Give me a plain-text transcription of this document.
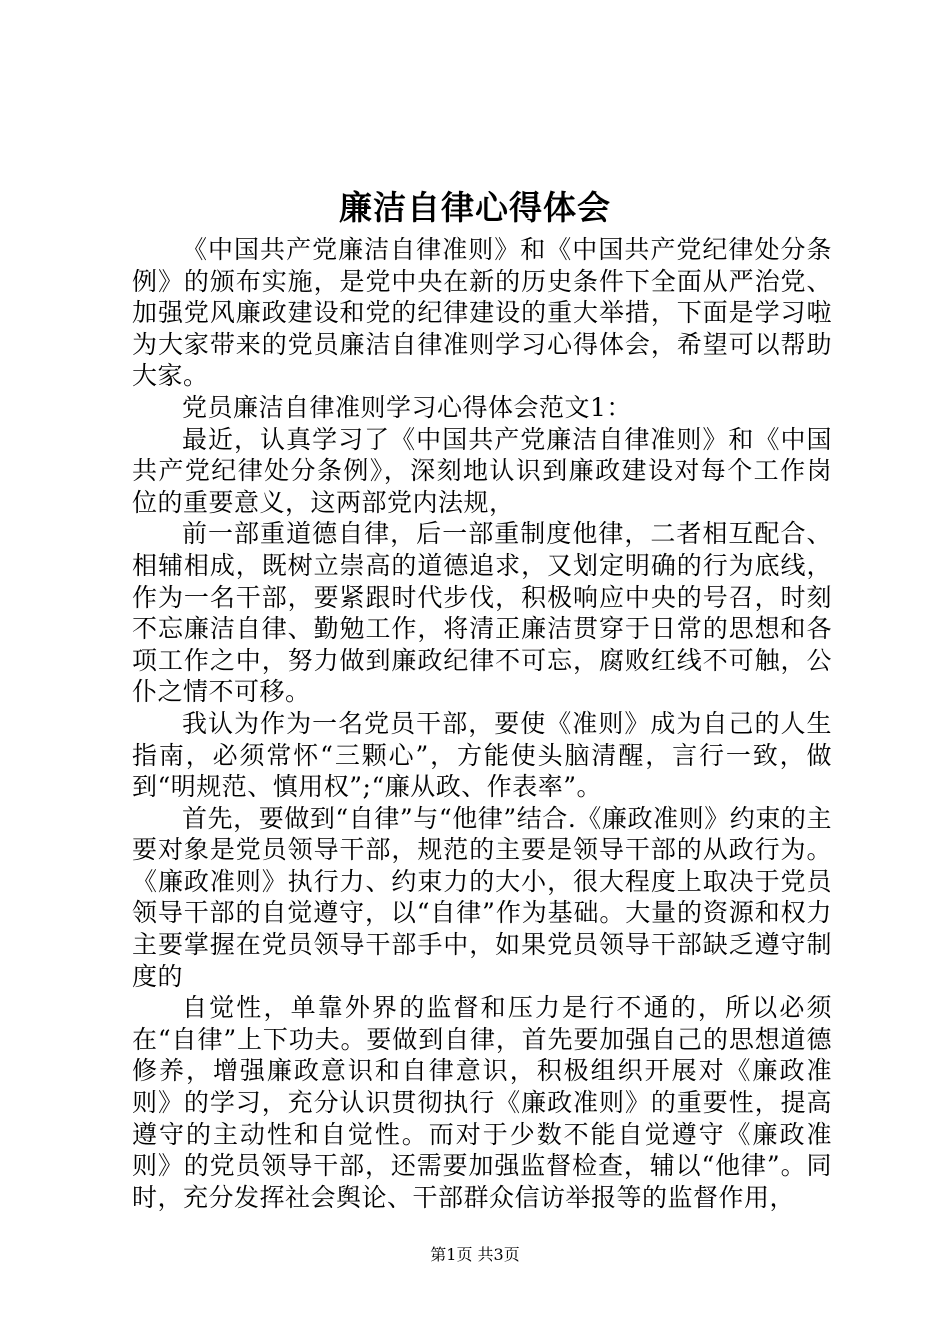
廉洁自律心得体会

《中国共产党廉洁自律准则》和《中国共产党纪律处分条例》的颁布实施，是党中央在新的历史条件下全面从严治党、加强党风廉政建设和党的纪律建设的重大举措，下面是学习啦为大家带来的党员廉洁自律准则学习心得体会，希望可以帮助大家。

党员廉洁自律准则学习心得体会范文1：

最近，认真学习了《中国共产党廉洁自律准则》和《中国共产党纪律处分条例》，深刻地认识到廉政建设对每个工作岗位的重要意义，这两部党内法规，

前一部重道德自律，后一部重制度他律，二者相互配合、相辅相成，既树立崇高的道德追求，又划定明确的行为底线，作为一名干部，要紧跟时代步伐，积极响应中央的号召，时刻不忘廉洁自律、勤勉工作，将清正廉洁贯穿于日常的思想和各项工作之中，努力做到廉政纪律不可忘，腐败红线不可触，公仆之情不可移。

我认为作为一名党员干部，要使《准则》成为自己的人生指南，必须常怀“三颗心”，方能使头脑清醒，言行一致，做到“明规范、慎用权”;“廉从政、作表率”。

首先，要做到“自律”与“他律”结合.《廉政准则》约束的主要对象是党员领导干部，规范的主要是领导干部的从政行为。《廉政准则》执行力、约束力的大小，很大程度上取决于党员领导干部的自觉遵守，以“自律”作为基础。大量的资源和权力主要掌握在党员领导干部手中，如果党员领导干部缺乏遵守制度的

自觉性，单靠外界的监督和压力是行不通的，所以必须在“自律”上下功夫。要做到自律，首先要加强自己的思想道德修养，增强廉政意识和自律意识，积极组织开展对《廉政准则》的学习，充分认识贯彻执行《廉政准则》的重要性，提高遵守的主动性和自觉性。而对于少数不能自觉遵守《廉政准则》的党员领导干部，还需要加强监督检查，辅以“他律”。同时，充分发挥社会舆论、干部群众信访举报等的监督作用，

第1页 共3页
